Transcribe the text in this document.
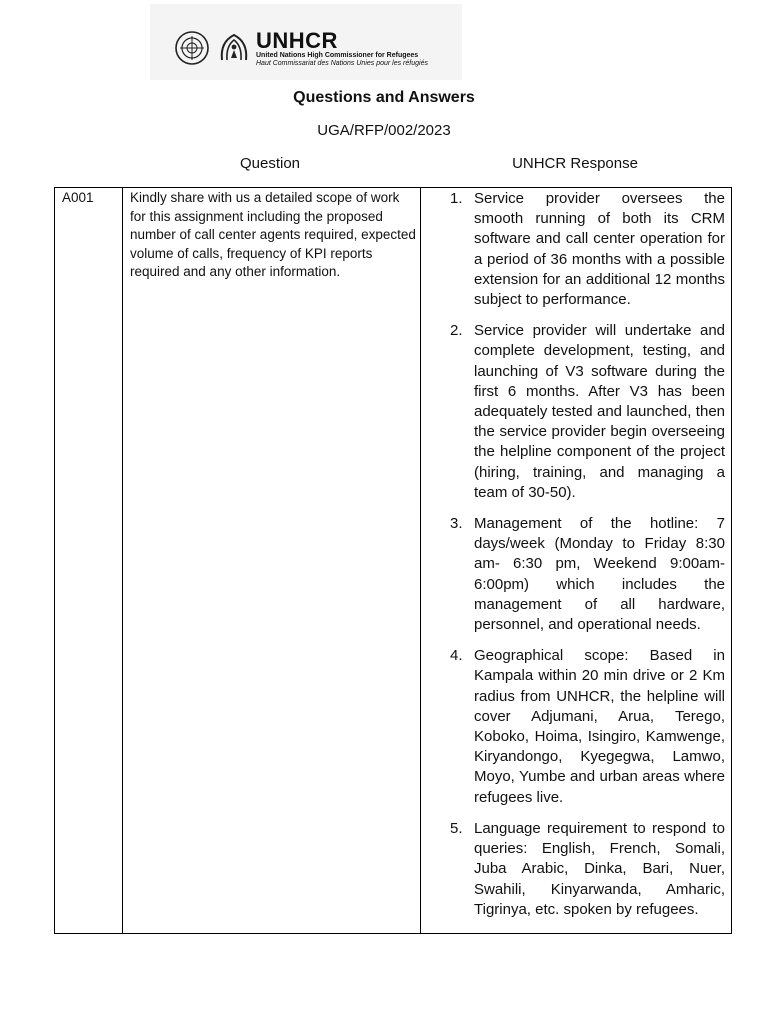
UNHCR
United Nations High Commissioner for Refugees
Haut Commissariat des Nations Unies pour les réfugiés
Questions and Answers
UGA/RFP/002/2023
Question	UNHCR Response
A001	Kindly share with us a detailed scope of work for this assignment including the proposed number of call center agents required, expected volume of calls, frequency of KPI reports required and any other information.
1. Service provider oversees the smooth running of both its CRM software and call center operation for a period of 36 months with a possible extension for an additional 12 months subject to performance.
2. Service provider will undertake and complete development, testing, and launching of V3 software during the first 6 months. After V3 has been adequately tested and launched, then the service provider begin overseeing the helpline component of the project (hiring, training, and managing a team of 30-50).
3. Management of the hotline: 7 days/week (Monday to Friday 8:30 am- 6:30 pm, Weekend 9:00am-6:00pm) which includes the management of all hardware, personnel, and operational needs.
4. Geographical scope: Based in Kampala within 20 min drive or 2 Km radius from UNHCR, the helpline will cover Adjumani, Arua, Terego, Koboko, Hoima, Isingiro, Kamwenge, Kiryandongo, Kyegegwa, Lamwo, Moyo, Yumbe and urban areas where refugees live.
5. Language requirement to respond to queries: English, French, Somali, Juba Arabic, Dinka, Bari, Nuer, Swahili, Kinyarwanda, Amharic, Tigrinya, etc. spoken by refugees.
